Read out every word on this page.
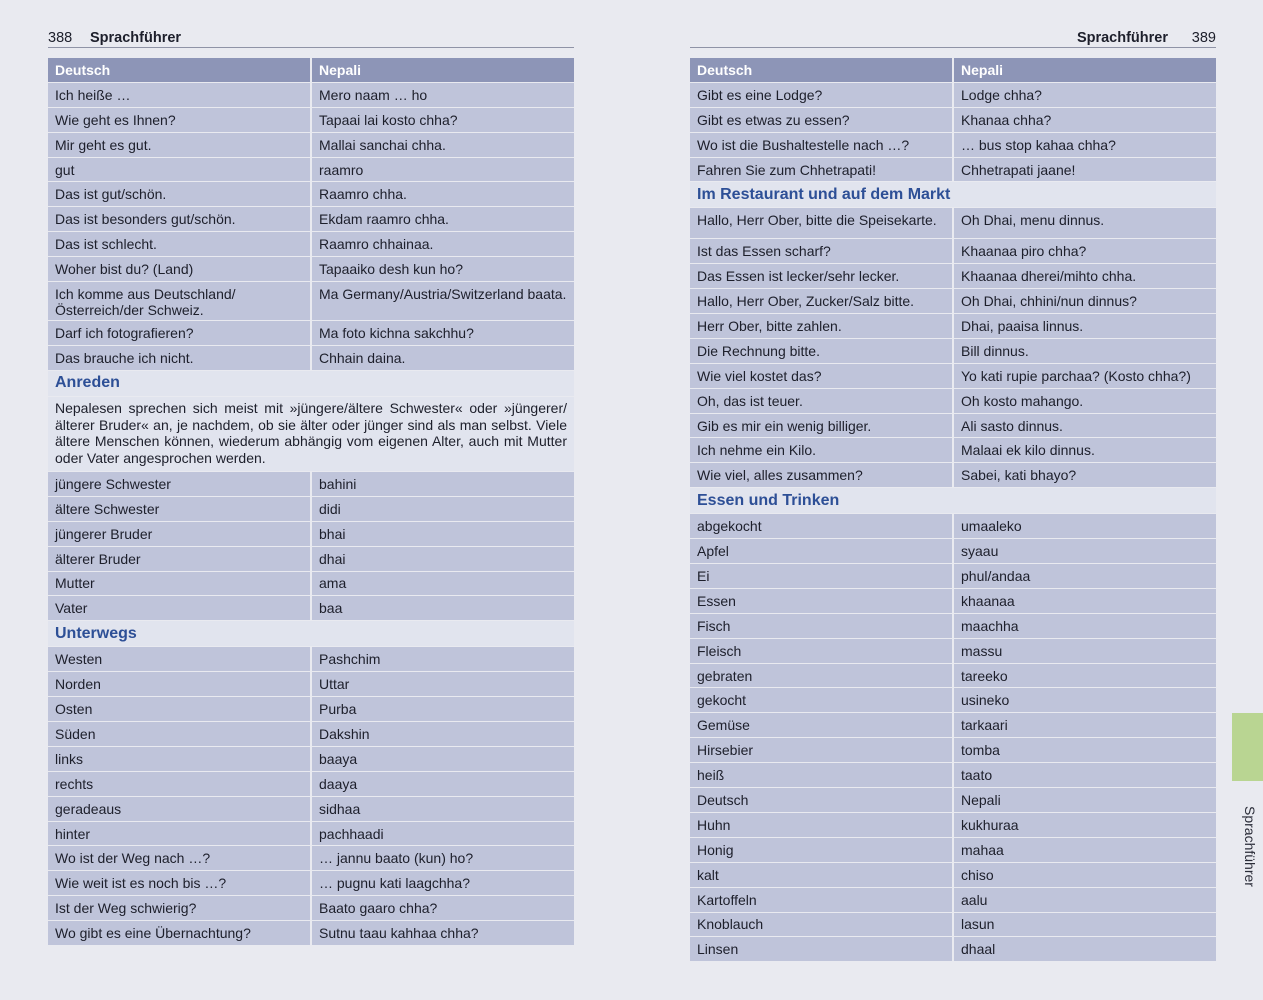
388 Sprachführer
Deutsch	Nepali
Ich heiße …	Mero naam … ho
Wie geht es Ihnen?	Tapaai lai kosto chha?
Mir geht es gut.	Mallai sanchai chha.
gut	raamro
Das ist gut/schön.	Raamro chha.
Das ist besonders gut/schön.	Ekdam raamro chha.
Das ist schlecht.	Raamro chhainaa.
Woher bist du? (Land)	Tapaaiko desh kun ho?
Ich komme aus Deutschland/Österreich/der Schweiz.	Ma Germany/Austria/Switzerland baata.
Darf ich fotografieren?	Ma foto kichna sakchhu?
Das brauche ich nicht.	Chhain daina.
Anreden	
Nepalesen sprechen sich meist mit »jüngere/ältere Schwester« oder »jüngerer/älterer Bruder« an, je nachdem, ob sie älter oder jünger sind als man selbst. Viele ältere Menschen können, wiederum abhängig vom eigenen Alter, auch mit Mutter oder Vater angesprochen werden.	
jüngere Schwester	bahini
ältere Schwester	didi
jüngerer Bruder	bhai
älterer Bruder	dhai
Mutter	ama
Vater	baa
Unterwegs	
Westen	Pashchim
Norden	Uttar
Osten	Purba
Süden	Dakshin
links	baaya
rechts	daaya
geradeaus	sidhaa
hinter	pachhaadi
Wo ist der Weg nach …?	… jannu baato (kun) ho?
Wie weit ist es noch bis …?	… pugnu kati laagchha?
Ist der Weg schwierig?	Baato gaaro chha?
Wo gibt es eine Übernachtung?	Sutnu taau kahhaa chha?
Sprachführer 389
Deutsch	Nepali
Gibt es eine Lodge?	Lodge chha?
Gibt es etwas zu essen?	Khanaa chha?
Wo ist die Bushaltestelle nach …?	… bus stop kahaa chha?
Fahren Sie zum Chhetrapati!	Chhetrapati jaane!
Im Restaurant und auf dem Markt	
Hallo, Herr Ober, bitte die Speisekarte.	Oh Dhai, menu dinnus.
Ist das Essen scharf?	Khaanaa piro chha?
Das Essen ist lecker/sehr lecker.	Khaanaa dherei/mihto chha.
Hallo, Herr Ober, Zucker/Salz bitte.	Oh Dhai, chhini/nun dinnus?
Herr Ober, bitte zahlen.	Dhai, paaisa linnus.
Die Rechnung bitte.	Bill dinnus.
Wie viel kostet das?	Yo kati rupie parchaa? (Kosto chha?)
Oh, das ist teuer.	Oh kosto mahango.
Gib es mir ein wenig billiger.	Ali sasto dinnus.
Ich nehme ein Kilo.	Malaai ek kilo dinnus.
Wie viel, alles zusammen?	Sabei, kati bhayo?
Essen und Trinken	
abgekocht	umaaleko
Apfel	syaau
Ei	phul/andaa
Essen	khaanaa
Fisch	maachha
Fleisch	massu
gebraten	tareeko
gekocht	usineko
Gemüse	tarkaari
Hirsebier	tomba
heiß	taato
Deutsch	Nepali
Huhn	kukhuraa
Honig	mahaa
kalt	chiso
Kartoffeln	aalu
Knoblauch	lasun
Linsen	dhaal
Sprachführer
